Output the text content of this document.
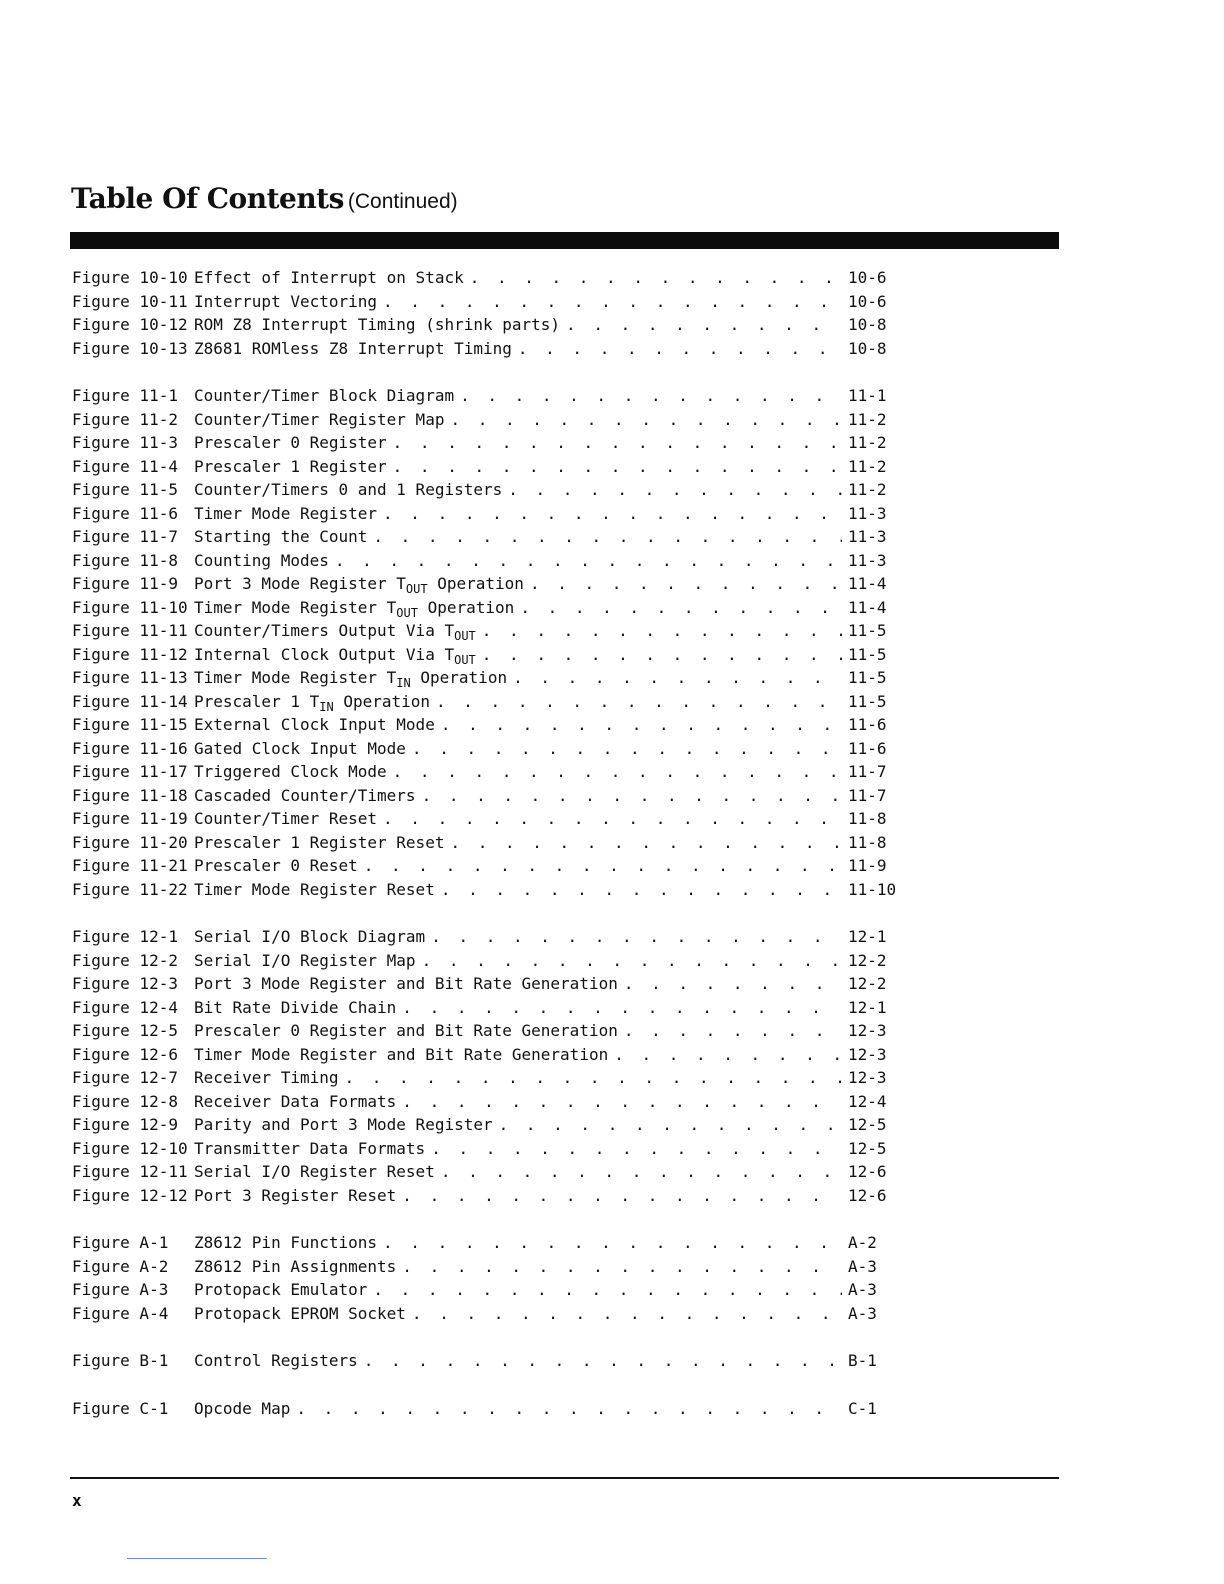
Table Of Contents (Continued)
Figure 10-10 Effect of Interrupt on Stack . . .	10-6
Figure 10-11 Interrupt Vectoring . . .	10-6
Figure 10-12 ROM Z8 Interrupt Timing (shrink parts) . . .	10-8
Figure 10-13 Z8681 ROMless Z8 Interrupt Timing . . .	10-8
Figure 11-1	Counter/Timer Block Diagram . . .	11-1
Figure 11-2	Counter/Timer Register Map . . .	11-2
Figure 11-3	Prescaler 0 Register . . .	11-2
Figure 11-4	Prescaler 1 Register . . .	11-2
Figure 11-5	Counter/Timers 0 and 1 Registers . . .	11-2
Figure 11-6	Timer Mode Register . . .	11-3
Figure 11-7	Starting the Count . . .	11-3
Figure 11-8	Counting Modes . . .	11-3
Figure 11-9	Port 3 Mode Register $T_{OUT}$ Operation . . .	11-4
Figure 11-10 Timer Mode Register $T_{OUT}$ Operation . . .	11-4
Figure 11-11 Counter/Timers Output Via $T_{OUT}$ . . .	11-5
Figure 11-12 Internal Clock Output Via $T_{OUT}$ . . .	11-5
Figure 11-13 Timer Mode Register $T_{IN}$ Operation . . .	11-5
Figure 11-14 Prescaler 1 $T_{IN}$ Operation . . .	11-5
Figure 11-15 External Clock Input Mode . . .	11-6
Figure 11-16 Gated Clock Input Mode . . .	11-6
Figure 11-17 Triggered Clock Mode . . .	11-7
Figure 11-18 Cascaded Counter/Timers . . .	11-7
Figure 11-19 Counter/Timer Reset . . .	11-8
Figure 11-20 Prescaler 1 Register Reset . . .	11-8
Figure 11-21 Prescaler 0 Reset . . .	11-9
Figure 11-22 Timer Mode Register Reset . . .	11-10
Figure 12-1	Serial I/O Block Diagram . . .	12-1
Figure 12-2	Serial I/O Register Map . . .	12-2
Figure 12-3	Port 3 Mode Register and Bit Rate Generation . . .	12-2
Figure 12-4	Bit Rate Divide Chain . . .	12-1
Figure 12-5	Prescaler 0 Register and Bit Rate Generation . . .	12-3
Figure 12-6	Timer Mode Register and Bit Rate Generation . . .	12-3
Figure 12-7	Receiver Timing . . .	12-3
Figure 12-8	Receiver Data Formats . . .	12-4
Figure 12-9	Parity and Port 3 Mode Register . . .	12-5
Figure 12-10 Transmitter Data Formats . . .	12-5
Figure 12-11 Serial I/O Register Reset . . .	12-6
Figure 12-12 Port 3 Register Reset . . .	12-6
Figure A-1	Z8612 Pin Functions . . .	A-2
Figure A-2	Z8612 Pin Assignments . . .	A-3
Figure A-3	Protopack Emulator . . .	A-3
Figure A-4	Protopack EPROM Socket . . .	A-3
Figure B-1	Control Registers . . .	B-1
Figure C-1	Opcode Map . . .	C-1
x
